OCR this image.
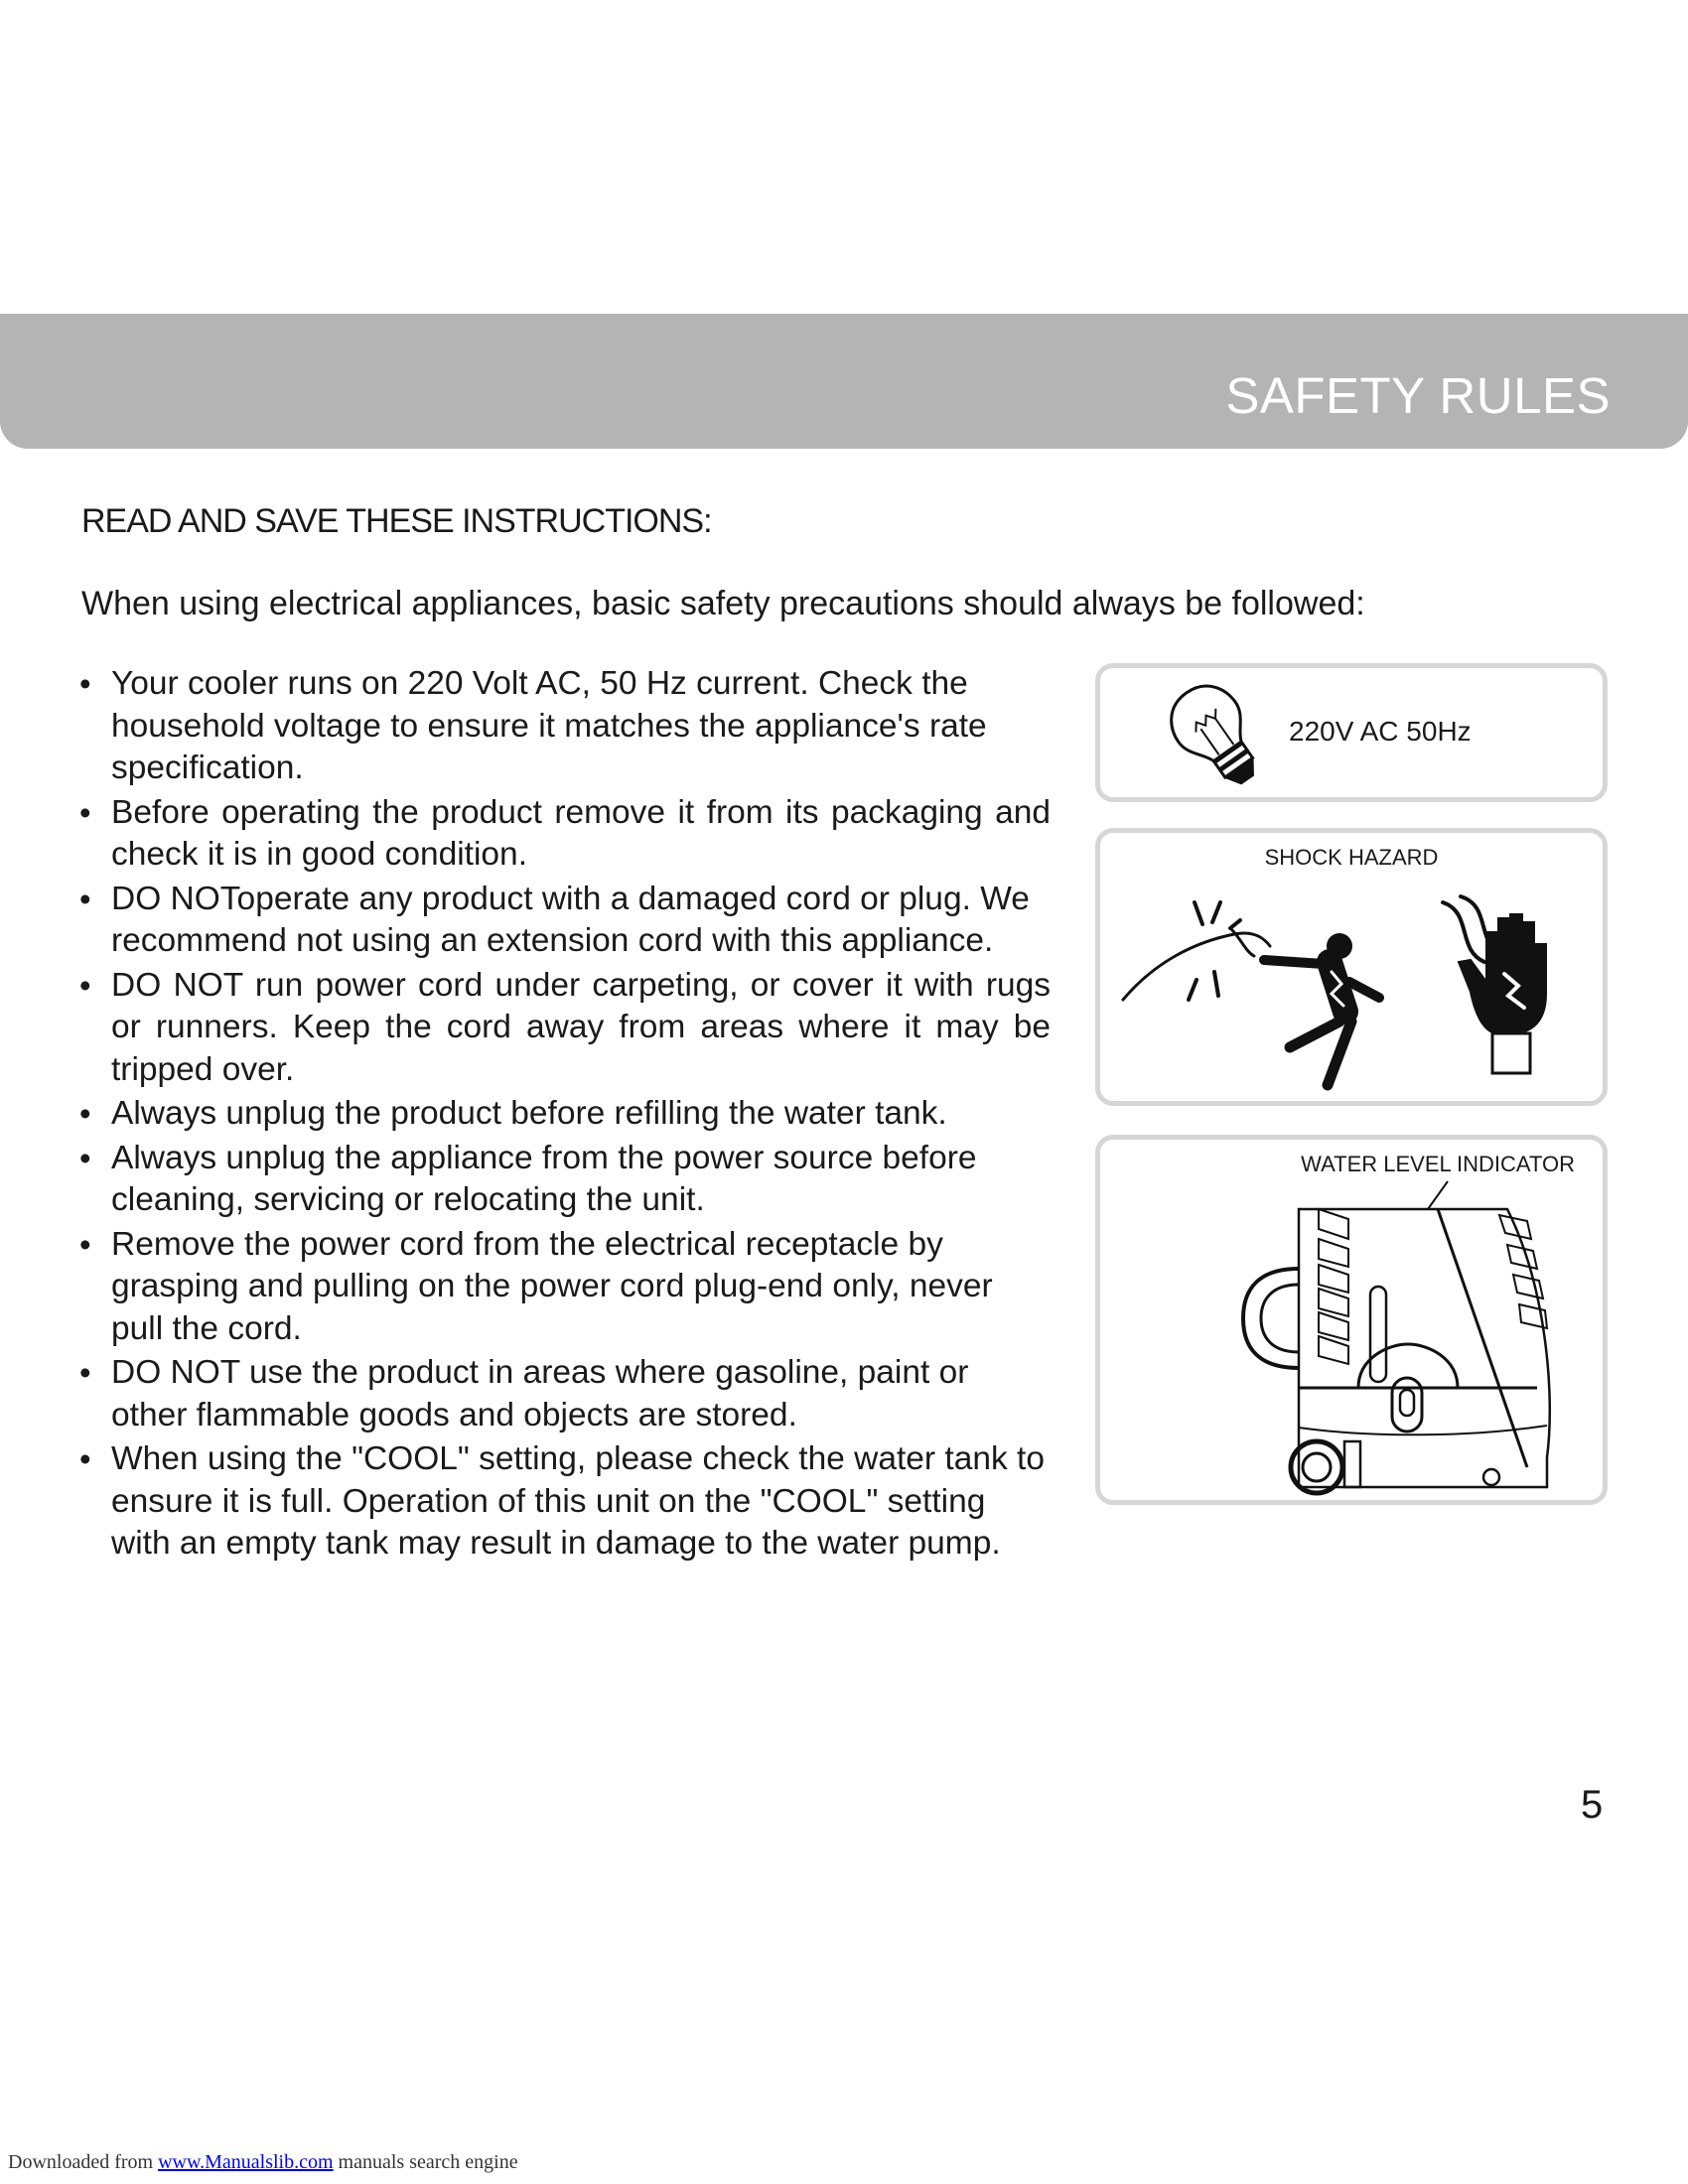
SAFETY RULES
READ AND SAVE THESE INSTRUCTIONS:
When using electrical appliances, basic safety precautions should always be followed:
• Your cooler runs on 220 Volt AC, 50 Hz current. Check the household voltage to ensure it matches the appliance's rate specification.
• Before operating the product remove it from its packaging and check it is in good condition.
• DO NOToperate any product with a damaged cord or plug. We recommend not using an extension cord with this appliance.
• DO NOT run power cord under carpeting, or cover it with rugs or runners. Keep the cord away from areas where it may be tripped over.
• Always unplug the product before refilling the water tank.
• Always unplug the appliance from the power source before cleaning, servicing or relocating the unit.
• Remove the power cord from the electrical receptacle by grasping and pulling on the power cord plug-end only, never pull the cord.
• DO NOT use the product in areas where gasoline, paint or other flammable goods and objects are stored.
• When using the "COOL" setting, please check the water tank to ensure it is full. Operation of this unit on the "COOL" setting with an empty tank may result in damage to the water pump.
220V AC 50Hz
SHOCK HAZARD
WATER LEVEL INDICATOR
5
Downloaded from www.Manualslib.com manuals search engine
